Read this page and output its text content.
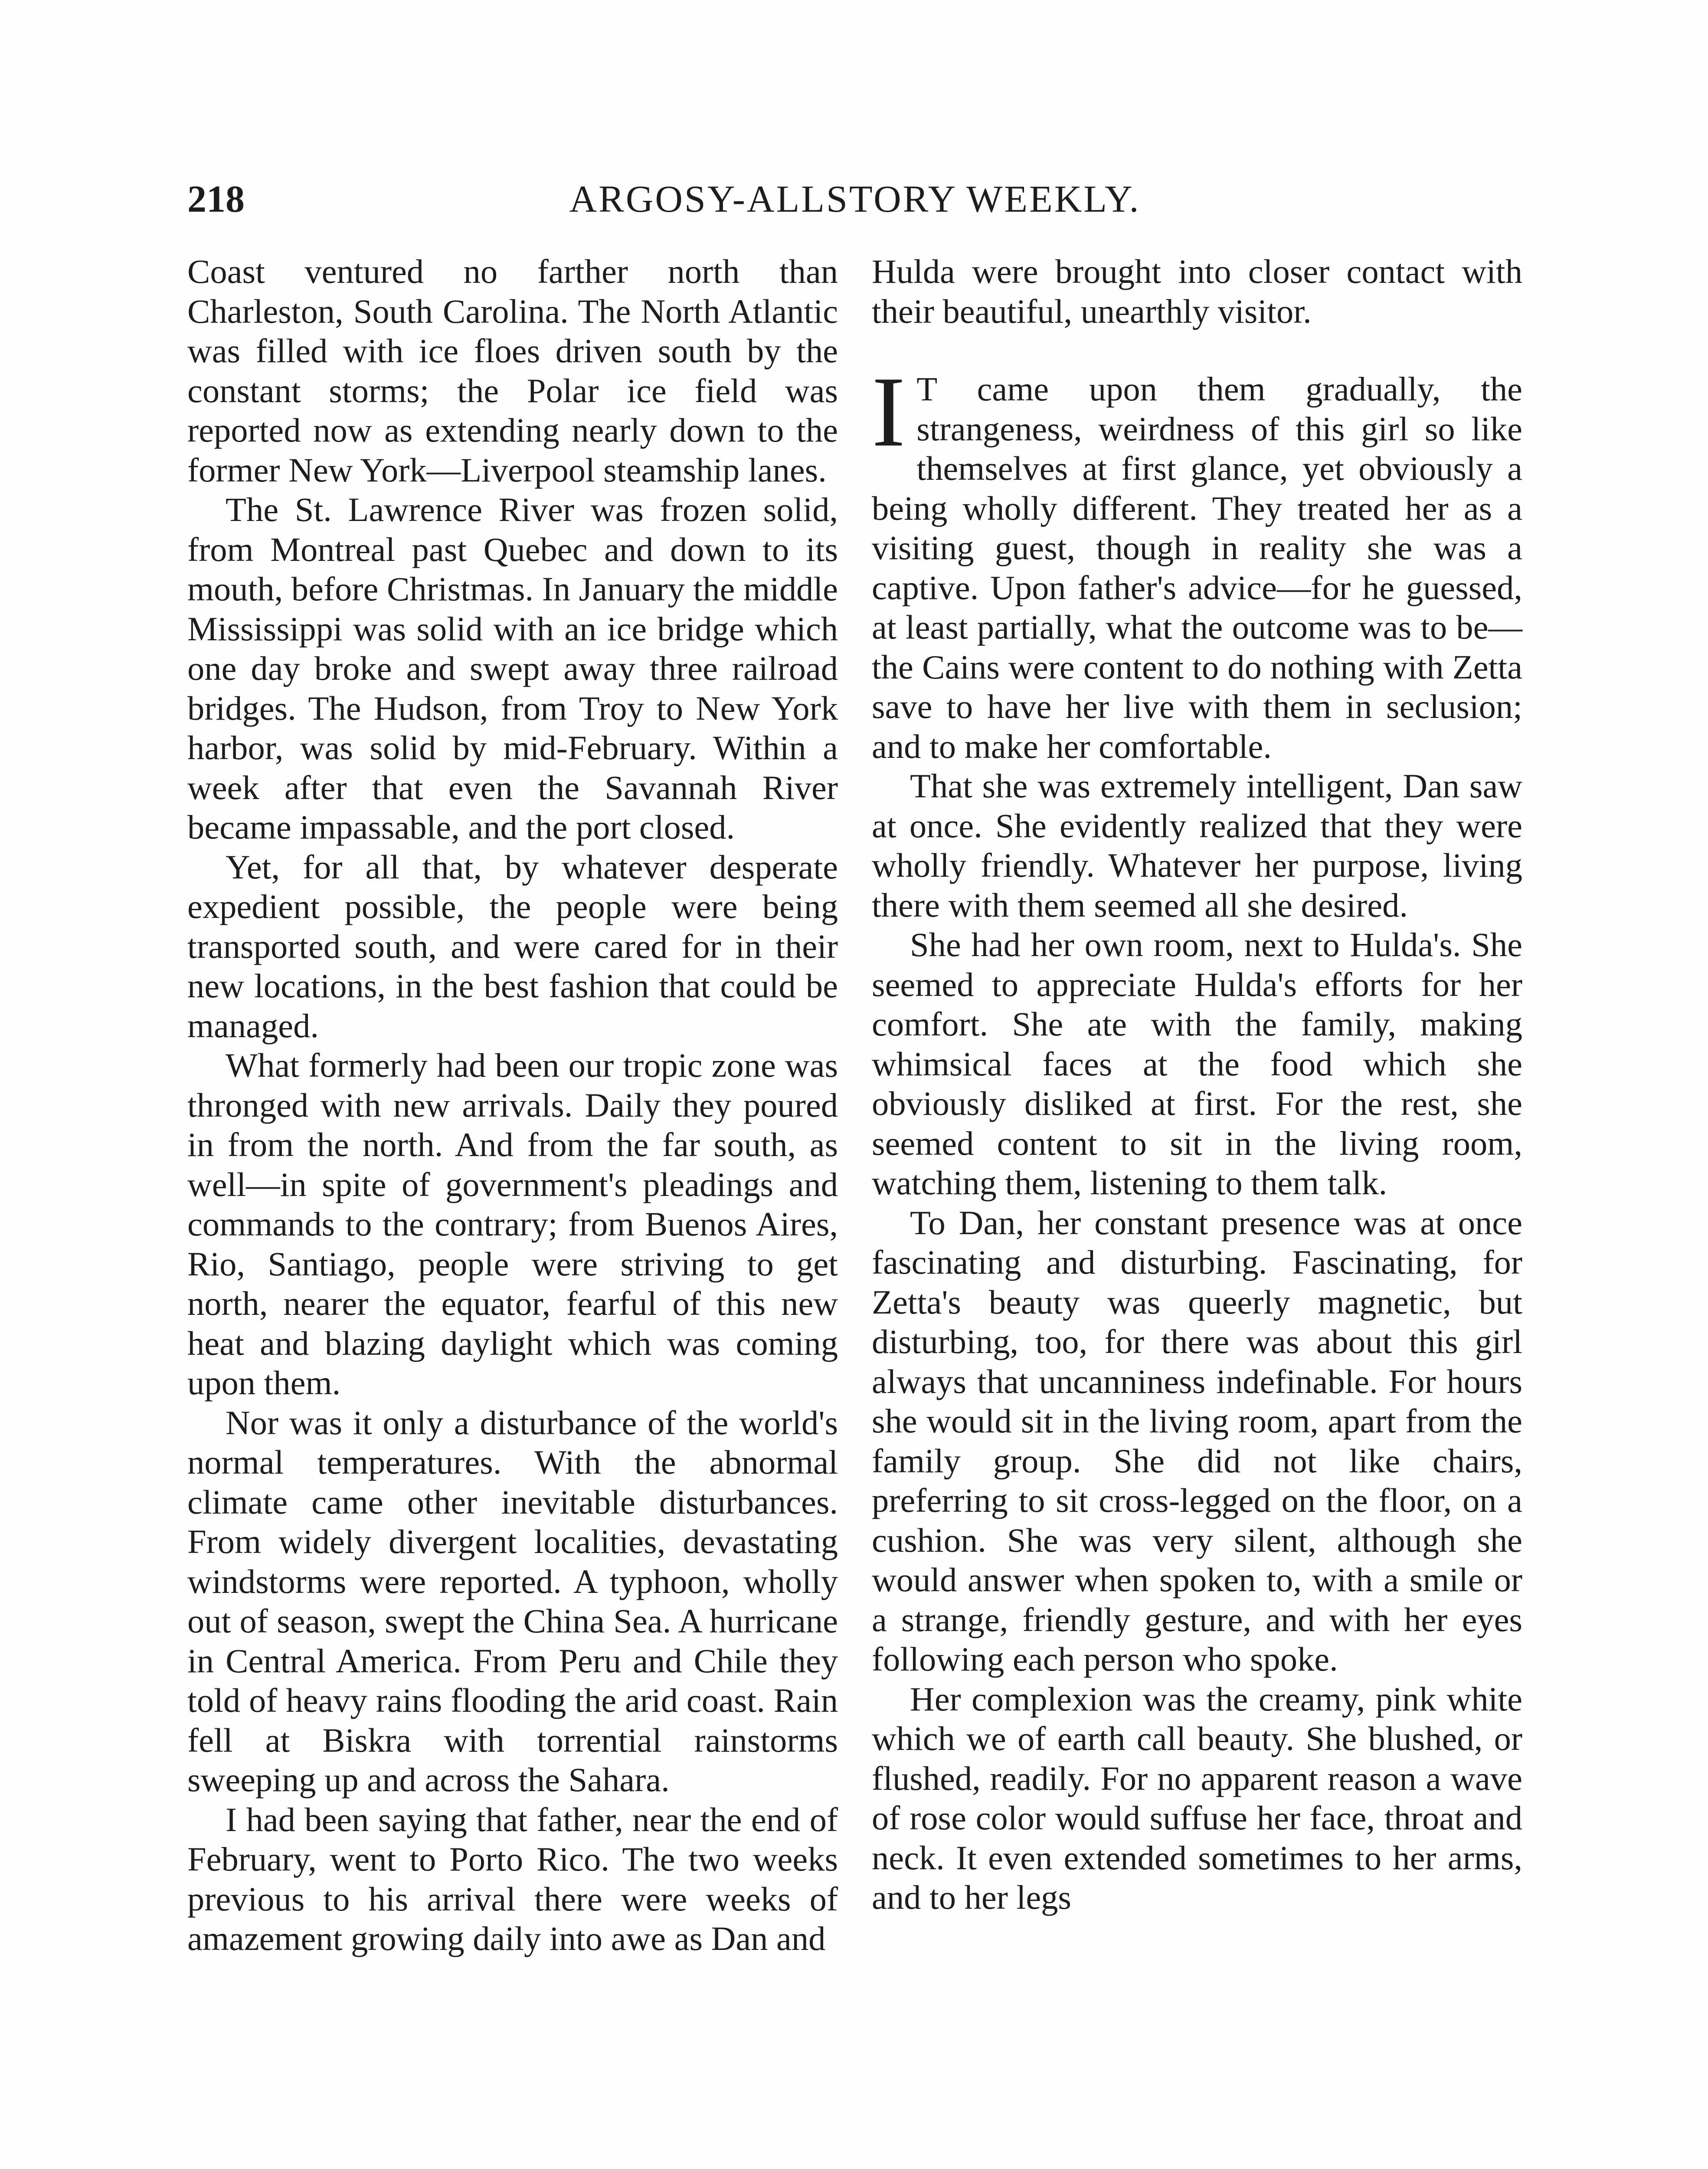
218	ARGOSY-ALLSTORY WEEKLY.

Coast ventured no farther north than Charleston, South Carolina. The North Atlantic was filled with ice floes driven south by the constant storms; the Polar ice field was reported now as extending nearly down to the former New York—Liverpool steamship lanes.

The St. Lawrence River was frozen solid, from Montreal past Quebec and down to its mouth, before Christmas. In January the middle Mississippi was solid with an ice bridge which one day broke and swept away three railroad bridges. The Hudson, from Troy to New York harbor, was solid by mid-February. Within a week after that even the Savannah River became impassable, and the port closed.

Yet, for all that, by whatever desperate expedient possible, the people were being transported south, and were cared for in their new locations, in the best fashion that could be managed.

What formerly had been our tropic zone was thronged with new arrivals. Daily they poured in from the north. And from the far south, as well—in spite of government's pleadings and commands to the contrary; from Buenos Aires, Rio, Santiago, people were striving to get north, nearer the equator, fearful of this new heat and blazing daylight which was coming upon them.

Nor was it only a disturbance of the world's normal temperatures. With the abnormal climate came other inevitable disturbances. From widely divergent localities, devastating windstorms were reported. A typhoon, wholly out of season, swept the China Sea. A hurricane in Central America. From Peru and Chile they told of heavy rains flooding the arid coast. Rain fell at Biskra with torrential rainstorms sweeping up and across the Sahara.

I had been saying that father, near the end of February, went to Porto Rico. The two weeks previous to his arrival there were weeks of amazement growing daily into awe as Dan and

Hulda were brought into closer contact with their beautiful, unearthly visitor.

I T came upon them gradually, the strangeness, weirdness of this girl so like themselves at first glance, yet obviously a being wholly different. They treated her as a visiting guest, though in reality she was a captive. Upon father's advice—for he guessed, at least partially, what the outcome was to be—the Cains were content to do nothing with Zetta save to have her live with them in seclusion; and to make her comfortable.

That she was extremely intelligent, Dan saw at once. She evidently realized that they were wholly friendly. Whatever her purpose, living there with them seemed all she desired.

She had her own room, next to Hulda's. She seemed to appreciate Hulda's efforts for her comfort. She ate with the family, making whimsical faces at the food which she obviously disliked at first. For the rest, she seemed content to sit in the living room, watching them, listening to them talk.

To Dan, her constant presence was at once fascinating and disturbing. Fascinating, for Zetta's beauty was queerly magnetic, but disturbing, too, for there was about this girl always that uncanniness indefinable. For hours she would sit in the living room, apart from the family group. She did not like chairs, preferring to sit cross-legged on the floor, on a cushion. She was very silent, although she would answer when spoken to, with a smile or a strange, friendly gesture, and with her eyes following each person who spoke.

Her complexion was the creamy, pink white which we of earth call beauty. She blushed, or flushed, readily. For no apparent reason a wave of rose color would suffuse her face, throat and neck. It even extended sometimes to her arms, and to her legs
